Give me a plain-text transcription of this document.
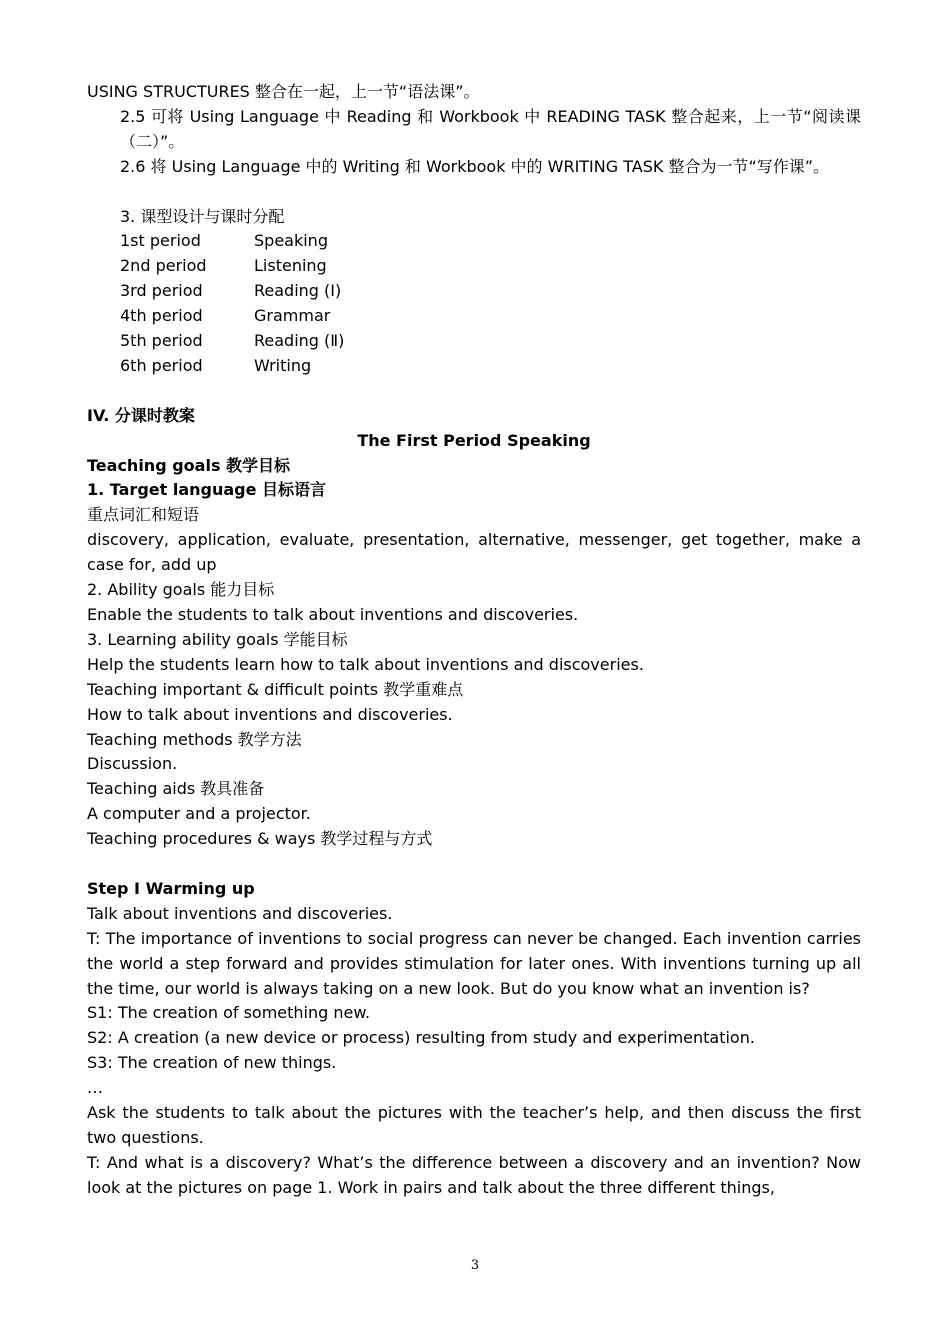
USING STRUCTURES 整合在一起，上一节“语法课”。
2.5 可将 Using Language 中 Reading 和 Workbook 中 READING TASK 整合起来，上一节“阅读课（二）”。
2.6 将 Using Language 中的 Writing 和 Workbook 中的 WRITING TASK 整合为一节“写作课”。
3. 课型设计与课时分配
1st period	Speaking
2nd period	Listening
3rd period	Reading (Ⅰ)
4th period	Grammar
5th period	Reading (Ⅱ)
6th period	Writing
IV. 分课时教案
The First Period Speaking
Teaching goals 教学目标
1. Target language 目标语言
重点词汇和短语
discovery, application, evaluate, presentation, alternative, messenger, get together, make a case for, add up
2. Ability goals 能力目标
Enable the students to talk about inventions and discoveries.
3. Learning ability goals 学能目标
Help the students learn how to talk about inventions and discoveries.
Teaching important & difficult points 教学重难点
How to talk about inventions and discoveries.
Teaching methods 教学方法
Discussion.
Teaching aids 教具准备
A computer and a projector.
Teaching procedures & ways 教学过程与方式
Step I Warming up
Talk about inventions and discoveries.
T: The importance of inventions to social progress can never be changed. Each invention carries the world a step forward and provides stimulation for later ones. With inventions turning up all the time, our world is always taking on a new look. But do you know what an invention is?
S1: The creation of something new.
S2: A creation (a new device or process) resulting from study and experimentation.
S3: The creation of new things.
…
Ask the students to talk about the pictures with the teacher’s help, and then discuss the first two questions.
T: And what is a discovery? What’s the difference between a discovery and an invention? Now look at the pictures on page 1. Work in pairs and talk about the three different things,
3
